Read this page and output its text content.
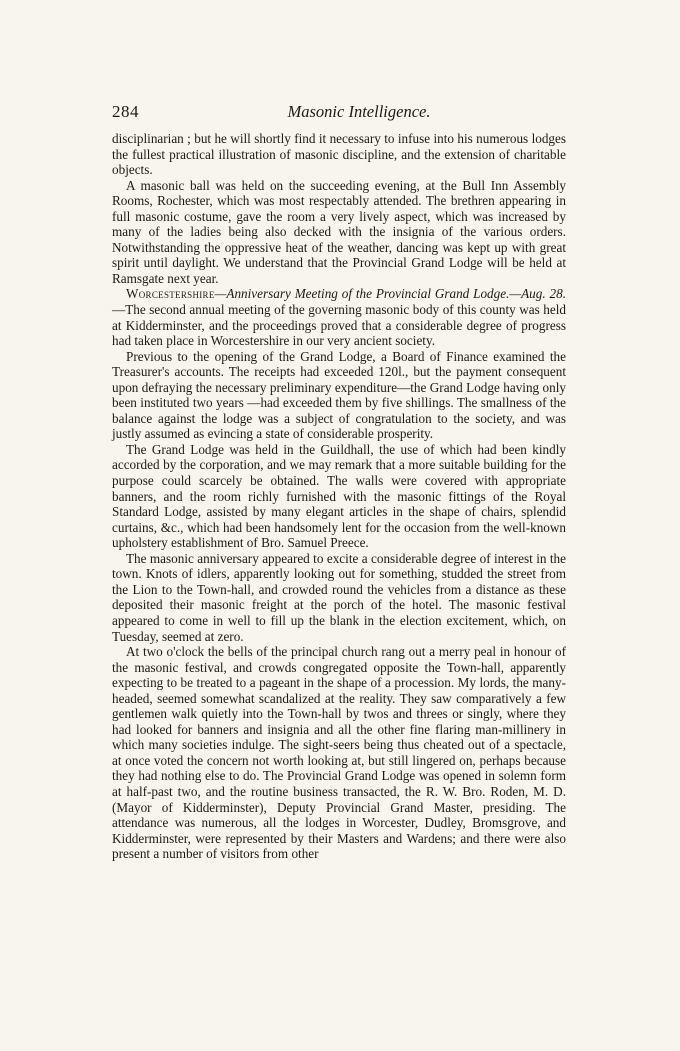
284	Masonic Intelligence.

disciplinarian ; but he will shortly find it necessary to infuse into his numerous lodges the fullest practical illustration of masonic discipline, and the extension of charitable objects.

A masonic ball was held on the succeeding evening, at the Bull Inn Assembly Rooms, Rochester, which was most respectably attended. The brethren appearing in full masonic costume, gave the room a very lively aspect, which was increased by many of the ladies being also decked with the insignia of the various orders. Notwithstanding the oppressive heat of the weather, dancing was kept up with great spirit until daylight. We understand that the Provincial Grand Lodge will be held at Ramsgate next year.

Worcestershire—Anniversary Meeting of the Provincial Grand Lodge.—Aug. 28.—The second annual meeting of the governing masonic body of this county was held at Kidderminster, and the proceedings proved that a considerable degree of progress had taken place in Worcestershire in our very ancient society.

Previous to the opening of the Grand Lodge, a Board of Finance examined the Treasurer's accounts. The receipts had exceeded 120l., but the payment consequent upon defraying the necessary preliminary expenditure—the Grand Lodge having only been instituted two years —had exceeded them by five shillings. The smallness of the balance against the lodge was a subject of congratulation to the society, and was justly assumed as evincing a state of considerable prosperity.

The Grand Lodge was held in the Guildhall, the use of which had been kindly accorded by the corporation, and we may remark that a more suitable building for the purpose could scarcely be obtained. The walls were covered with appropriate banners, and the room richly furnished with the masonic fittings of the Royal Standard Lodge, assisted by many elegant articles in the shape of chairs, splendid curtains, &c., which had been handsomely lent for the occasion from the well-known upholstery establishment of Bro. Samuel Preece.

The masonic anniversary appeared to excite a considerable degree of interest in the town. Knots of idlers, apparently looking out for something, studded the street from the Lion to the Town-hall, and crowded round the vehicles from a distance as these deposited their masonic freight at the porch of the hotel. The masonic festival appeared to come in well to fill up the blank in the election excitement, which, on Tuesday, seemed at zero.

At two o'clock the bells of the principal church rang out a merry peal in honour of the masonic festival, and crowds congregated opposite the Town-hall, apparently expecting to be treated to a pageant in the shape of a procession. My lords, the many-headed, seemed somewhat scandalized at the reality. They saw comparatively a few gentlemen walk quietly into the Town-hall by twos and threes or singly, where they had looked for banners and insignia and all the other fine flaring man-millinery in which many societies indulge. The sight-seers being thus cheated out of a spectacle, at once voted the concern not worth looking at, but still lingered on, perhaps because they had nothing else to do. The Provincial Grand Lodge was opened in solemn form at half-past two, and the routine business transacted, the R. W. Bro. Roden, M. D. (Mayor of Kidderminster), Deputy Provincial Grand Master, presiding. The attendance was numerous, all the lodges in Worcester, Dudley, Bromsgrove, and Kidderminster, were represented by their Masters and Wardens; and there were also present a number of visitors from other
